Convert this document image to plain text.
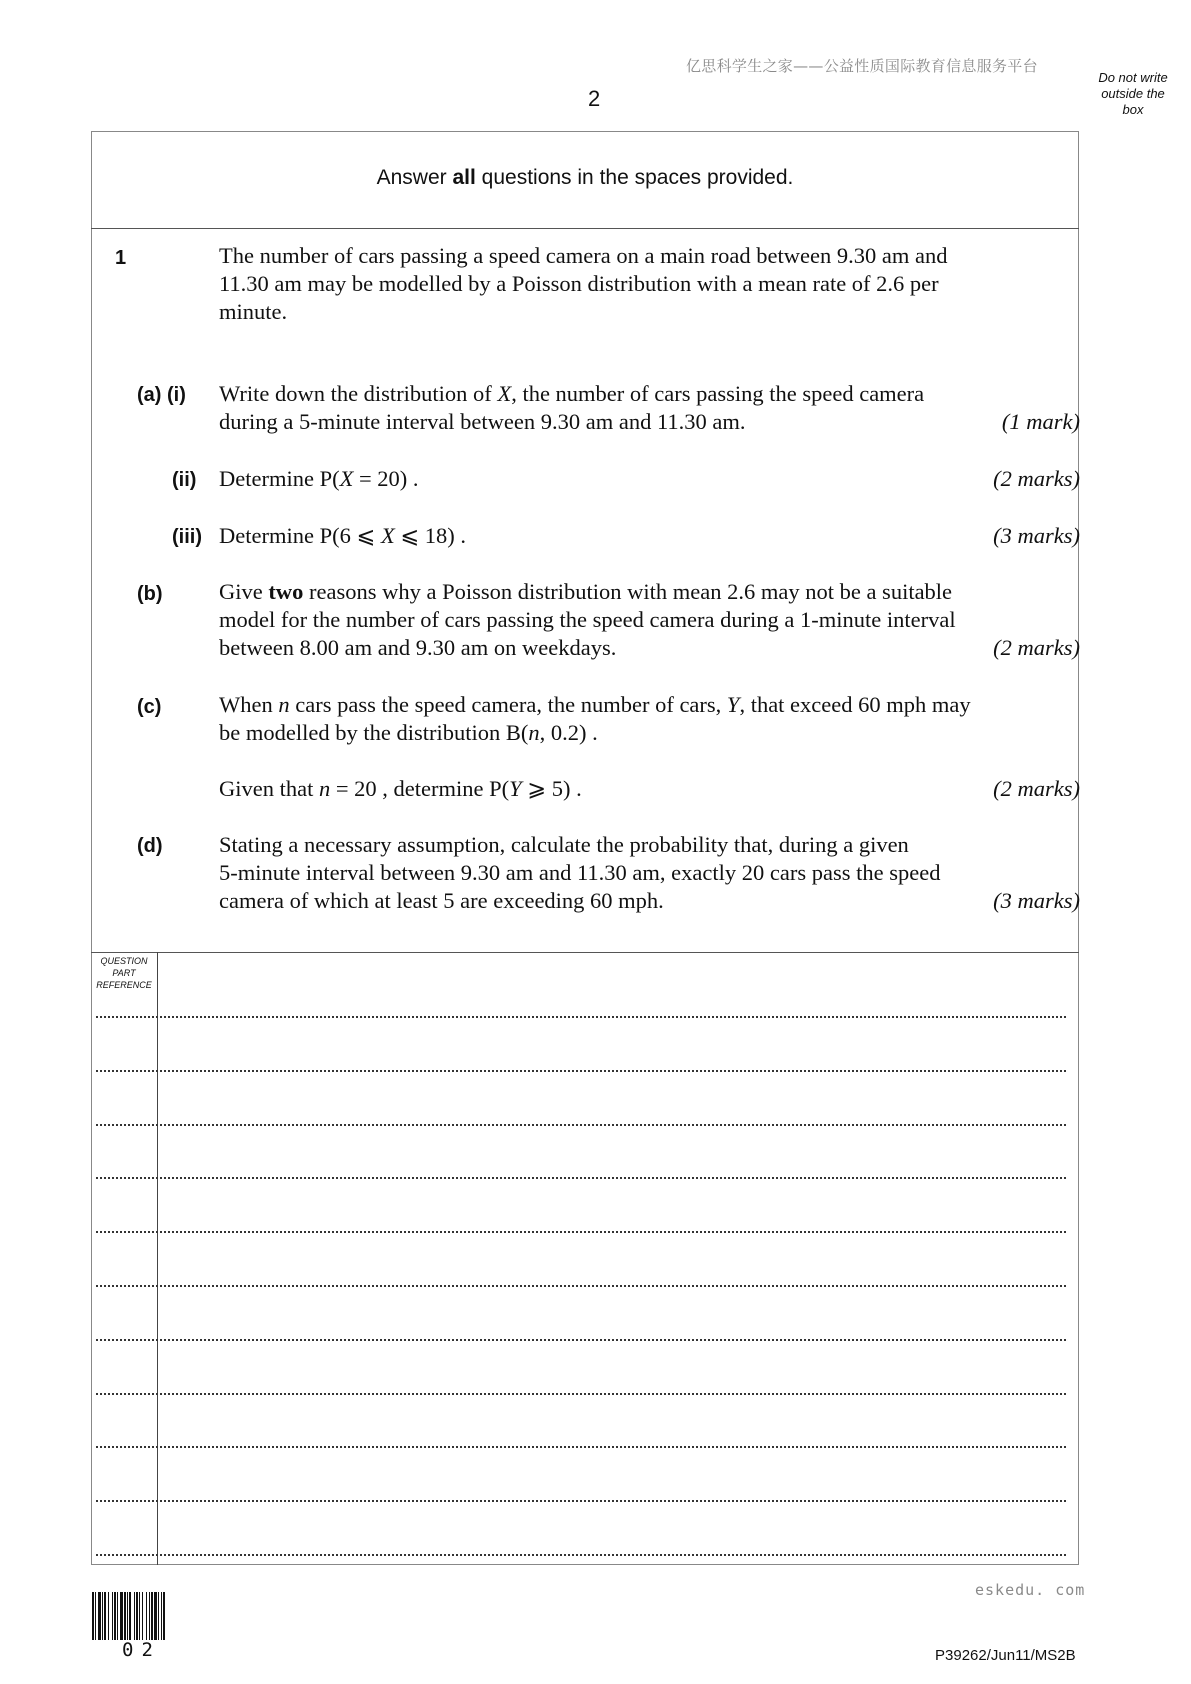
亿思科学生之家——公益性质国际教育信息服务平台
2
Do not write
outside the
box
Answer all questions in the spaces provided.
1	The number of cars passing a speed camera on a main road between 9.30 am and
11.30 am may be modelled by a Poisson distribution with a mean rate of 2.6 per
minute.
(a) (i) Write down the distribution of X, the number of cars passing the speed camera
during a 5-minute interval between 9.30 am and 11.30 am.	(1 mark)
(ii) Determine P(X = 20) .	(2 marks)
(iii) Determine P(6 ⩽ X ⩽ 18) .	(3 marks)
(b)	Give two reasons why a Poisson distribution with mean 2.6 may not be a suitable
model for the number of cars passing the speed camera during a 1-minute interval
between 8.00 am and 9.30 am on weekdays.	(2 marks)
(c)	When n cars pass the speed camera, the number of cars, Y, that exceed 60 mph may
be modelled by the distribution B(n, 0.2) .
Given that n = 20 , determine P(Y ⩾ 5) .	(2 marks)
(d)	Stating a necessary assumption, calculate the probability that, during a given
5-minute interval between 9.30 am and 11.30 am, exactly 20 cars pass the speed
camera of which at least 5 are exceeding 60 mph.	(3 marks)
QUESTION
PART
REFERENCE
eskedu. com
02	P39262/Jun11/MS2B
